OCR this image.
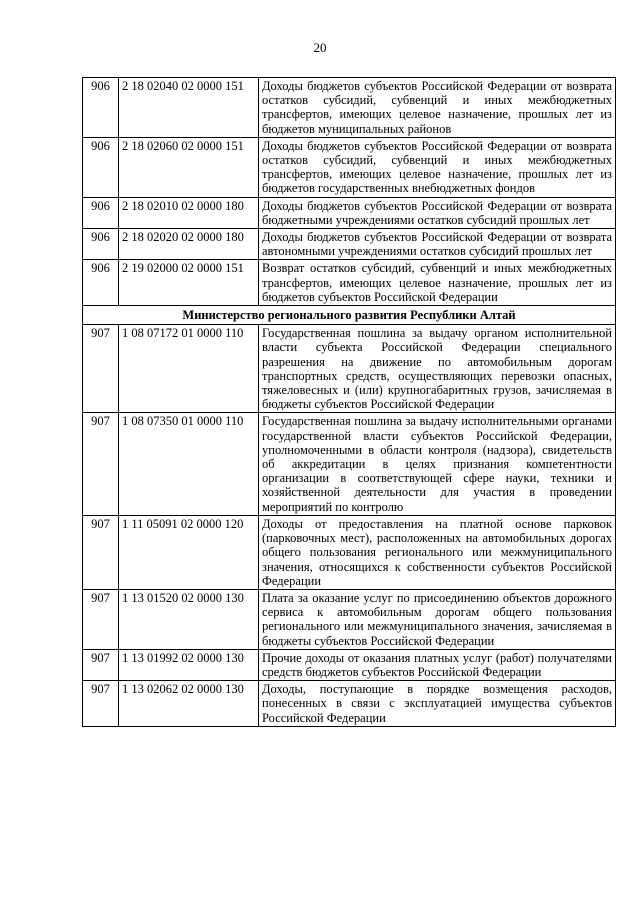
20
906	2 18 02040 02 0000 151	Доходы бюджетов субъектов Российской Федерации от возврата остатков субсидий, субвенций и иных межбюджетных трансфертов, имеющих целевое назначение, прошлых лет из бюджетов муниципальных районов
906	2 18 02060 02 0000 151	Доходы бюджетов субъектов Российской Федерации от возврата остатков субсидий, субвенций и иных межбюджетных трансфертов, имеющих целевое назначение, прошлых лет из бюджетов государственных внебюджетных фондов
906	2 18 02010 02 0000 180	Доходы бюджетов субъектов Российской Федерации от возврата бюджетными учреждениями остатков субсидий прошлых лет
906	2 18 02020 02 0000 180	Доходы бюджетов субъектов Российской Федерации от возврата автономными учреждениями остатков субсидий прошлых лет
906	2 19 02000 02 0000 151	Возврат остатков субсидий, субвенций и иных межбюджетных трансфертов, имеющих целевое назначение, прошлых лет из бюджетов субъектов Российской Федерации
Министерство регионального развития Республики Алтай		
907	1 08 07172 01 0000 110	Государственная пошлина за выдачу органом исполнительной власти субъекта Российской Федерации специального разрешения на движение по автомобильным дорогам транспортных средств, осуществляющих перевозки опасных, тяжеловесных и (или) крупногабаритных грузов, зачисляемая в бюджеты субъектов Российской Федерации
907	1 08 07350 01 0000 110	Государственная пошлина за выдачу исполнительными органами государственной власти субъектов Российской Федерации, уполномоченными в области контроля (надзора), свидетельств об аккредитации в целях признания компетентности организации в соответствующей сфере науки, техники и хозяйственной деятельности для участия в проведении мероприятий по контролю
907	1 11 05091 02 0000 120	Доходы от предоставления на платной основе парковок (парковочных мест), расположенных на автомобильных дорогах общего пользования регионального или межмуниципального значения, относящихся к собственности субъектов Российской Федерации
907	1 13 01520 02 0000 130	Плата за оказание услуг по присоединению объектов дорожного сервиса к автомобильным дорогам общего пользования регионального или межмуниципального значения, зачисляемая в бюджеты субъектов Российской Федерации
907	1 13 01992 02 0000 130	Прочие доходы от оказания платных услуг (работ) получателями средств бюджетов субъектов Российской Федерации
907	1 13 02062 02 0000 130	Доходы, поступающие в порядке возмещения расходов, понесенных в связи с эксплуатацией имущества субъектов Российской Федерации
